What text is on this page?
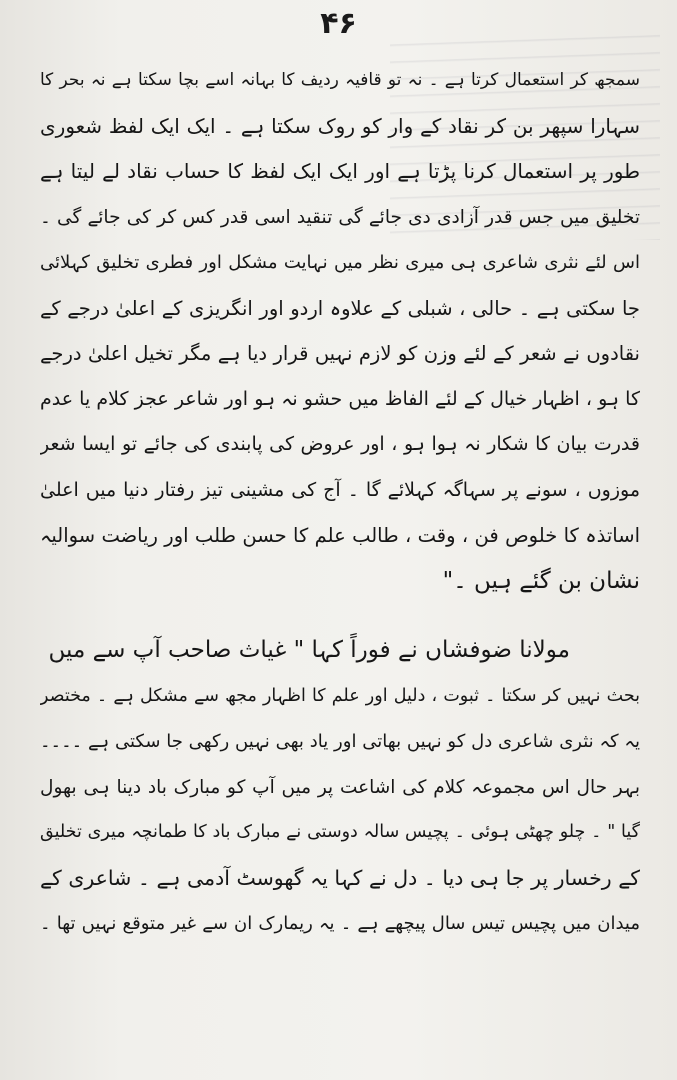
۴۶
سمجھ کر استعمال کرتا ہے ۔ نہ تو قافیہ ردیف کا بہانہ اسے بچا سکتا ہے نہ بحر کا
سہارا سپھر بن کر نقاد کے وار کو روک سکتا ہے ۔ ایک ایک لفظ شعوری
طور پر استعمال کرنا پڑتا ہے اور ایک ایک لفظ کا حساب نقاد لے لیتا ہے
تخلیق میں جس قدر آزادی دی جائے گی تنقید اسی قدر کس کر کی جائے گی ۔
اس لئے نثری شاعری ہی میری نظر میں نہایت مشکل اور فطری تخلیق کہلائی
جا سکتی ہے ۔ حالی ، شبلی کے علاوہ اردو اور انگریزی کے اعلیٰ درجے کے
نقادوں نے شعر کے لئے وزن کو لازم نہیں قرار دیا ہے مگر تخیل اعلیٰ درجے
کا ہو ، اظہار خیال کے لئے الفاظ میں حشو نہ ہو اور شاعر عجز کلام یا عدم
قدرت بیان کا شکار نہ ہوا ہو ، اور عروض کی پابندی کی جائے تو ایسا شعر
موزوں ، سونے پر سہاگہ کہلائے گا ۔ آج کی مشینی تیز رفتار دنیا میں اعلیٰ
اساتذہ کا خلوص فن ، وقت ، طالب علم کا حسن طلب اور ریاضت سوالیہ
نشان بن گئے ہیں ۔"
مولانا ضوفشاں نے فوراً کہا " غیاث صاحب آپ سے میں
بحث نہیں کر سکتا ۔ ثبوت ، دلیل اور علم کا اظہار مجھ سے مشکل ہے ۔ مختصر
یہ کہ نثری شاعری دل کو نہیں بھاتی اور یاد بھی نہیں رکھی جا سکتی ہے ۔۔۔۔
بہر حال اس مجموعہ کلام کی اشاعت پر میں آپ کو مبارک باد دینا ہی بھول
گیا " ۔ چلو چھٹی ہوئی ۔ پچیس سالہ دوستی نے مبارک باد کا طمانچہ میری تخلیق
کے رخسار پر جا ہی دیا ۔ دل نے کہا یہ گھوسٹ آدمی ہے ۔ شاعری کے
میدان میں پچیس تیس سال پیچھے ہے ۔ یہ ریمارک ان سے غیر متوقع نہیں تھا ۔
